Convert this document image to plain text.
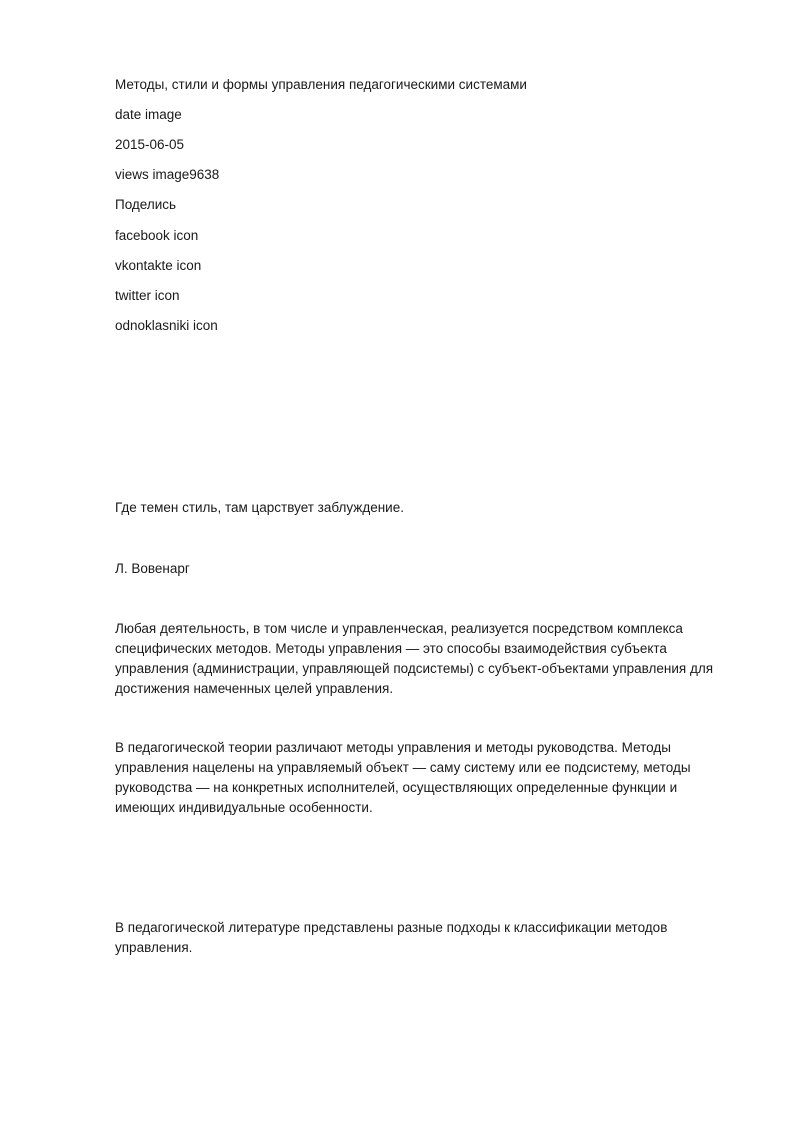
Методы, стили и формы управления педагогическими системами
date image
2015-06-05
views image9638
Поделись
facebook icon
vkontakte icon
twitter icon
odnoklasniki icon
Где темен стиль, там царствует заблуждение.
Л. Вовенарг
Любая деятельность, в том числе и управленческая, реализуется посредством комплекса
специфических методов. Методы управления — это способы взаимодействия субъекта
управления (администрации, управляющей подсистемы) с субъект-объектами управления для
достижения намеченных целей управления.
В педагогической теории различают методы управления и методы руководства. Методы
управления нацелены на управляемый объект — саму систему или ее подсистему, методы
руководства — на конкретных исполнителей, осуществляющих определенные функции и
имеющих индивидуальные особенности.
В педагогической литературе представлены разные подходы к классификации методов
управления.
